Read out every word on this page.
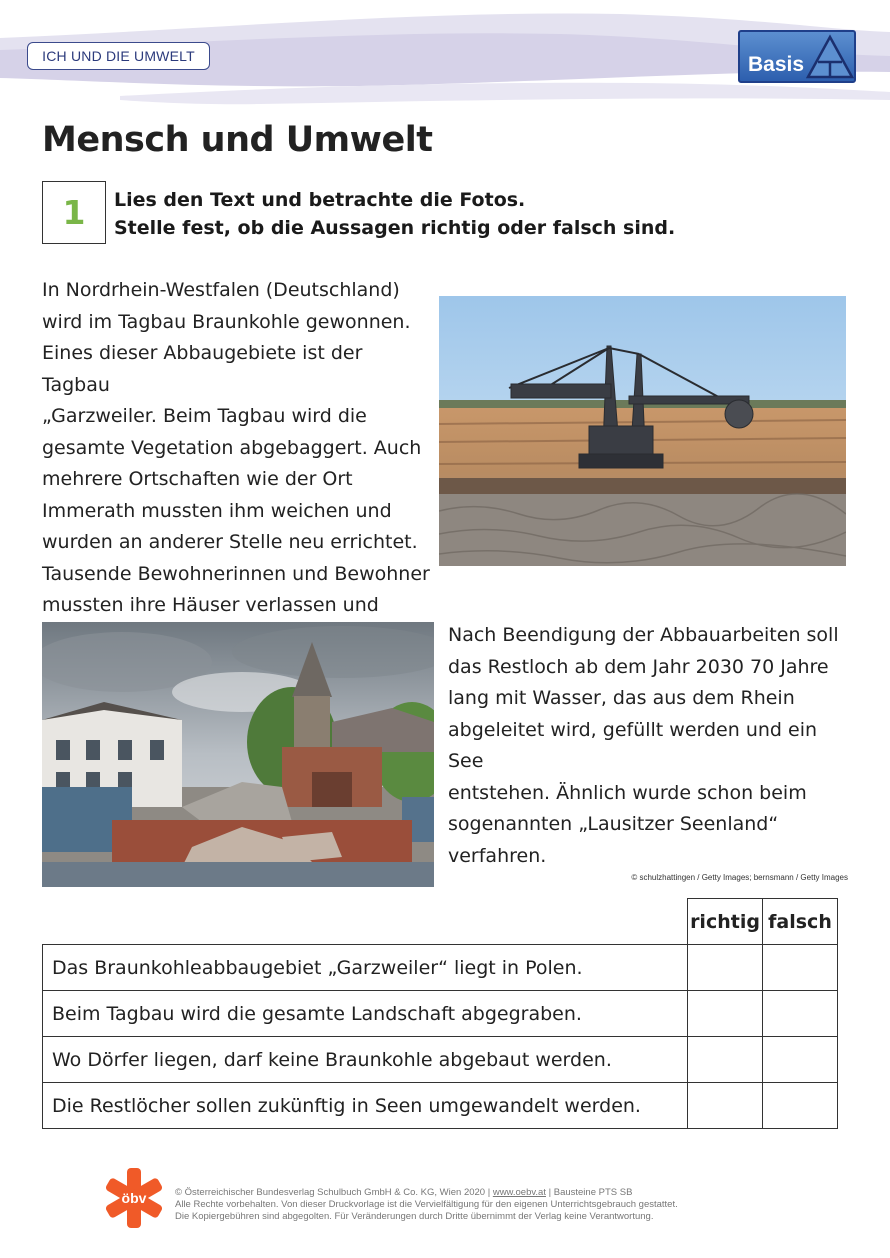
ICH UND DIE UMWELT	Basis
Mensch und Umwelt
1 Lies den Text und betrachte die Fotos.
Stelle fest, ob die Aussagen richtig oder falsch sind.
In Nordrhein-Westfalen (Deutschland)
wird im Tagbau Braunkohle gewonnen.
Eines dieser Abbaugebiete ist der Tagbau
„Garzweiler. Beim Tagbau wird die
gesamte Vegetation abgebaggert. Auch
mehrere Ortschaften wie der Ort
Immerath mussten ihm weichen und
wurden an anderer Stelle neu errichtet.
Tausende Bewohnerinnen und Bewohner
mussten ihre Häuser verlassen und
Nach Beendigung der Abbauarbeiten soll
das Restloch ab dem Jahr 2030 70 Jahre
lang mit Wasser, das aus dem Rhein
abgeleitet wird, gefüllt werden und ein See
entstehen. Ähnlich wurde schon beim
sogenannten „Lausitzer Seenland“
verfahren.
© schulzhattingen / Getty Images; bernsmann / Getty Images
	richtig	falsch
Das Braunkohleabbaugebiet „Garzweiler“ liegt in Polen.		
Beim Tagbau wird die gesamte Landschaft abgegraben.		
Wo Dörfer liegen, darf keine Braunkohle abgebaut werden.		
Die Restlöcher sollen zukünftig in Seen umgewandelt werden.		
öbv	© Österreichischer Bundesverlag Schulbuch GmbH & Co. KG, Wien 2020 | www.oebv.at | Bausteine PTS SB
Alle Rechte vorbehalten. Von dieser Druckvorlage ist die Vervielfältigung für den eigenen Unterrichtsgebrauch gestattet.
Die Kopiergebühren sind abgegolten. Für Veränderungen durch Dritte übernimmt der Verlag keine Verantwortung.
